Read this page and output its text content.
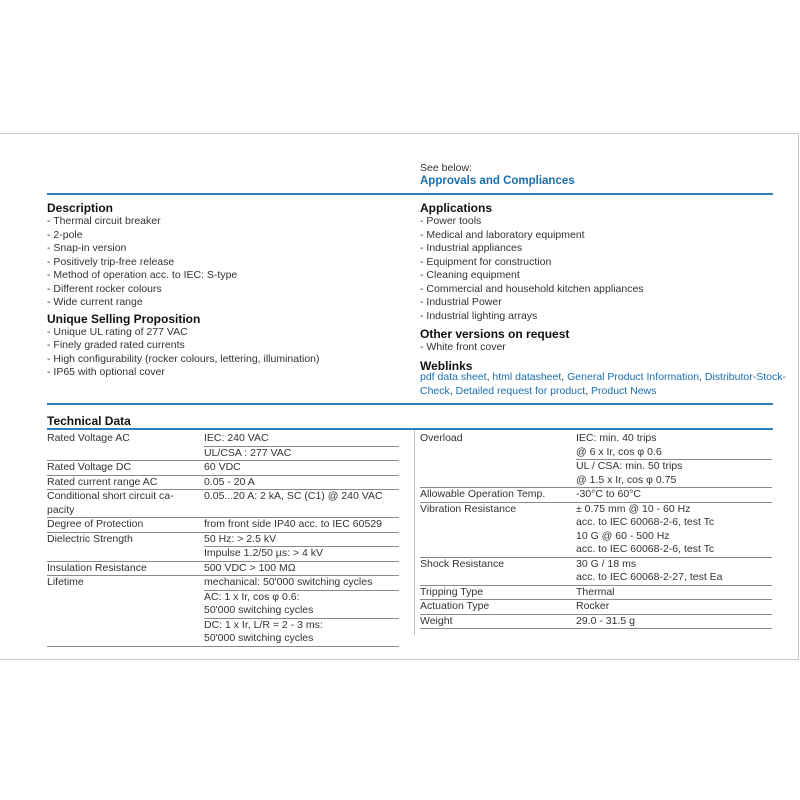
See below:
Approvals and Compliances
Description
- Thermal circuit breaker
- 2-pole
- Snap-in version
- Positively trip-free release
- Method of operation acc. to IEC: S-type
- Different rocker colours
- Wide current range
Unique Selling Proposition
- Unique UL rating of 277 VAC
- Finely graded rated currents
- High configurability (rocker colours, lettering, illumination)
- IP65 with optional cover
Applications
- Power tools
- Medical and laboratory equipment
- Industrial appliances
- Equipment for construction
- Cleaning equipment
- Commercial and household kitchen appliances
- Industrial Power
- Industrial lighting arrays
Other versions on request
- White front cover
Weblinks
pdf data sheet, html datasheet, General Product Information, Distributor-Stock-Check, Detailed request for product, Product News
Technical Data
Rated Voltage AC	IEC: 240 VAC
UL/CSA : 277 VAC

Rated Voltage DC	60 VDC

Rated current range AC	0.05 - 20 A

Conditional short circuit ca-
pacity	0.05...20 A: 2 kA, SC (C1) @ 240 VAC

Degree of Protection	from front side IP40 acc. to IEC 60529

Dielectric Strength	50 Hz: > 2.5 kV
Impulse 1.2/50 µs: > 4 kV

Insulation Resistance	500 VDC > 100 MΩ

Lifetime	mechanical: 50'000 switching cycles
AC: 1 x Ir, cos φ 0.6:
50'000 switching cycles
DC: 1 x Ir, L/R = 2 - 3 ms:
50'000 switching cycles
Overload	IEC: min. 40 trips
@ 6 x Ir, cos φ 0.6
UL / CSA: min. 50 trips
@ 1.5 x Ir, cos φ 0.75

Allowable Operation Temp.	-30°C to 60°C

Vibration Resistance	± 0.75 mm @ 10 - 60 Hz
acc. to IEC 60068-2-6, test Tc
10 G @ 60 - 500 Hz
acc. to IEC 60068-2-6, test Tc

Shock Resistance	30 G / 18 ms
acc. to IEC 60068-2-27, test Ea

Tripping Type	Thermal

Actuation Type	Rocker

Weight	29.0 - 31.5 g
